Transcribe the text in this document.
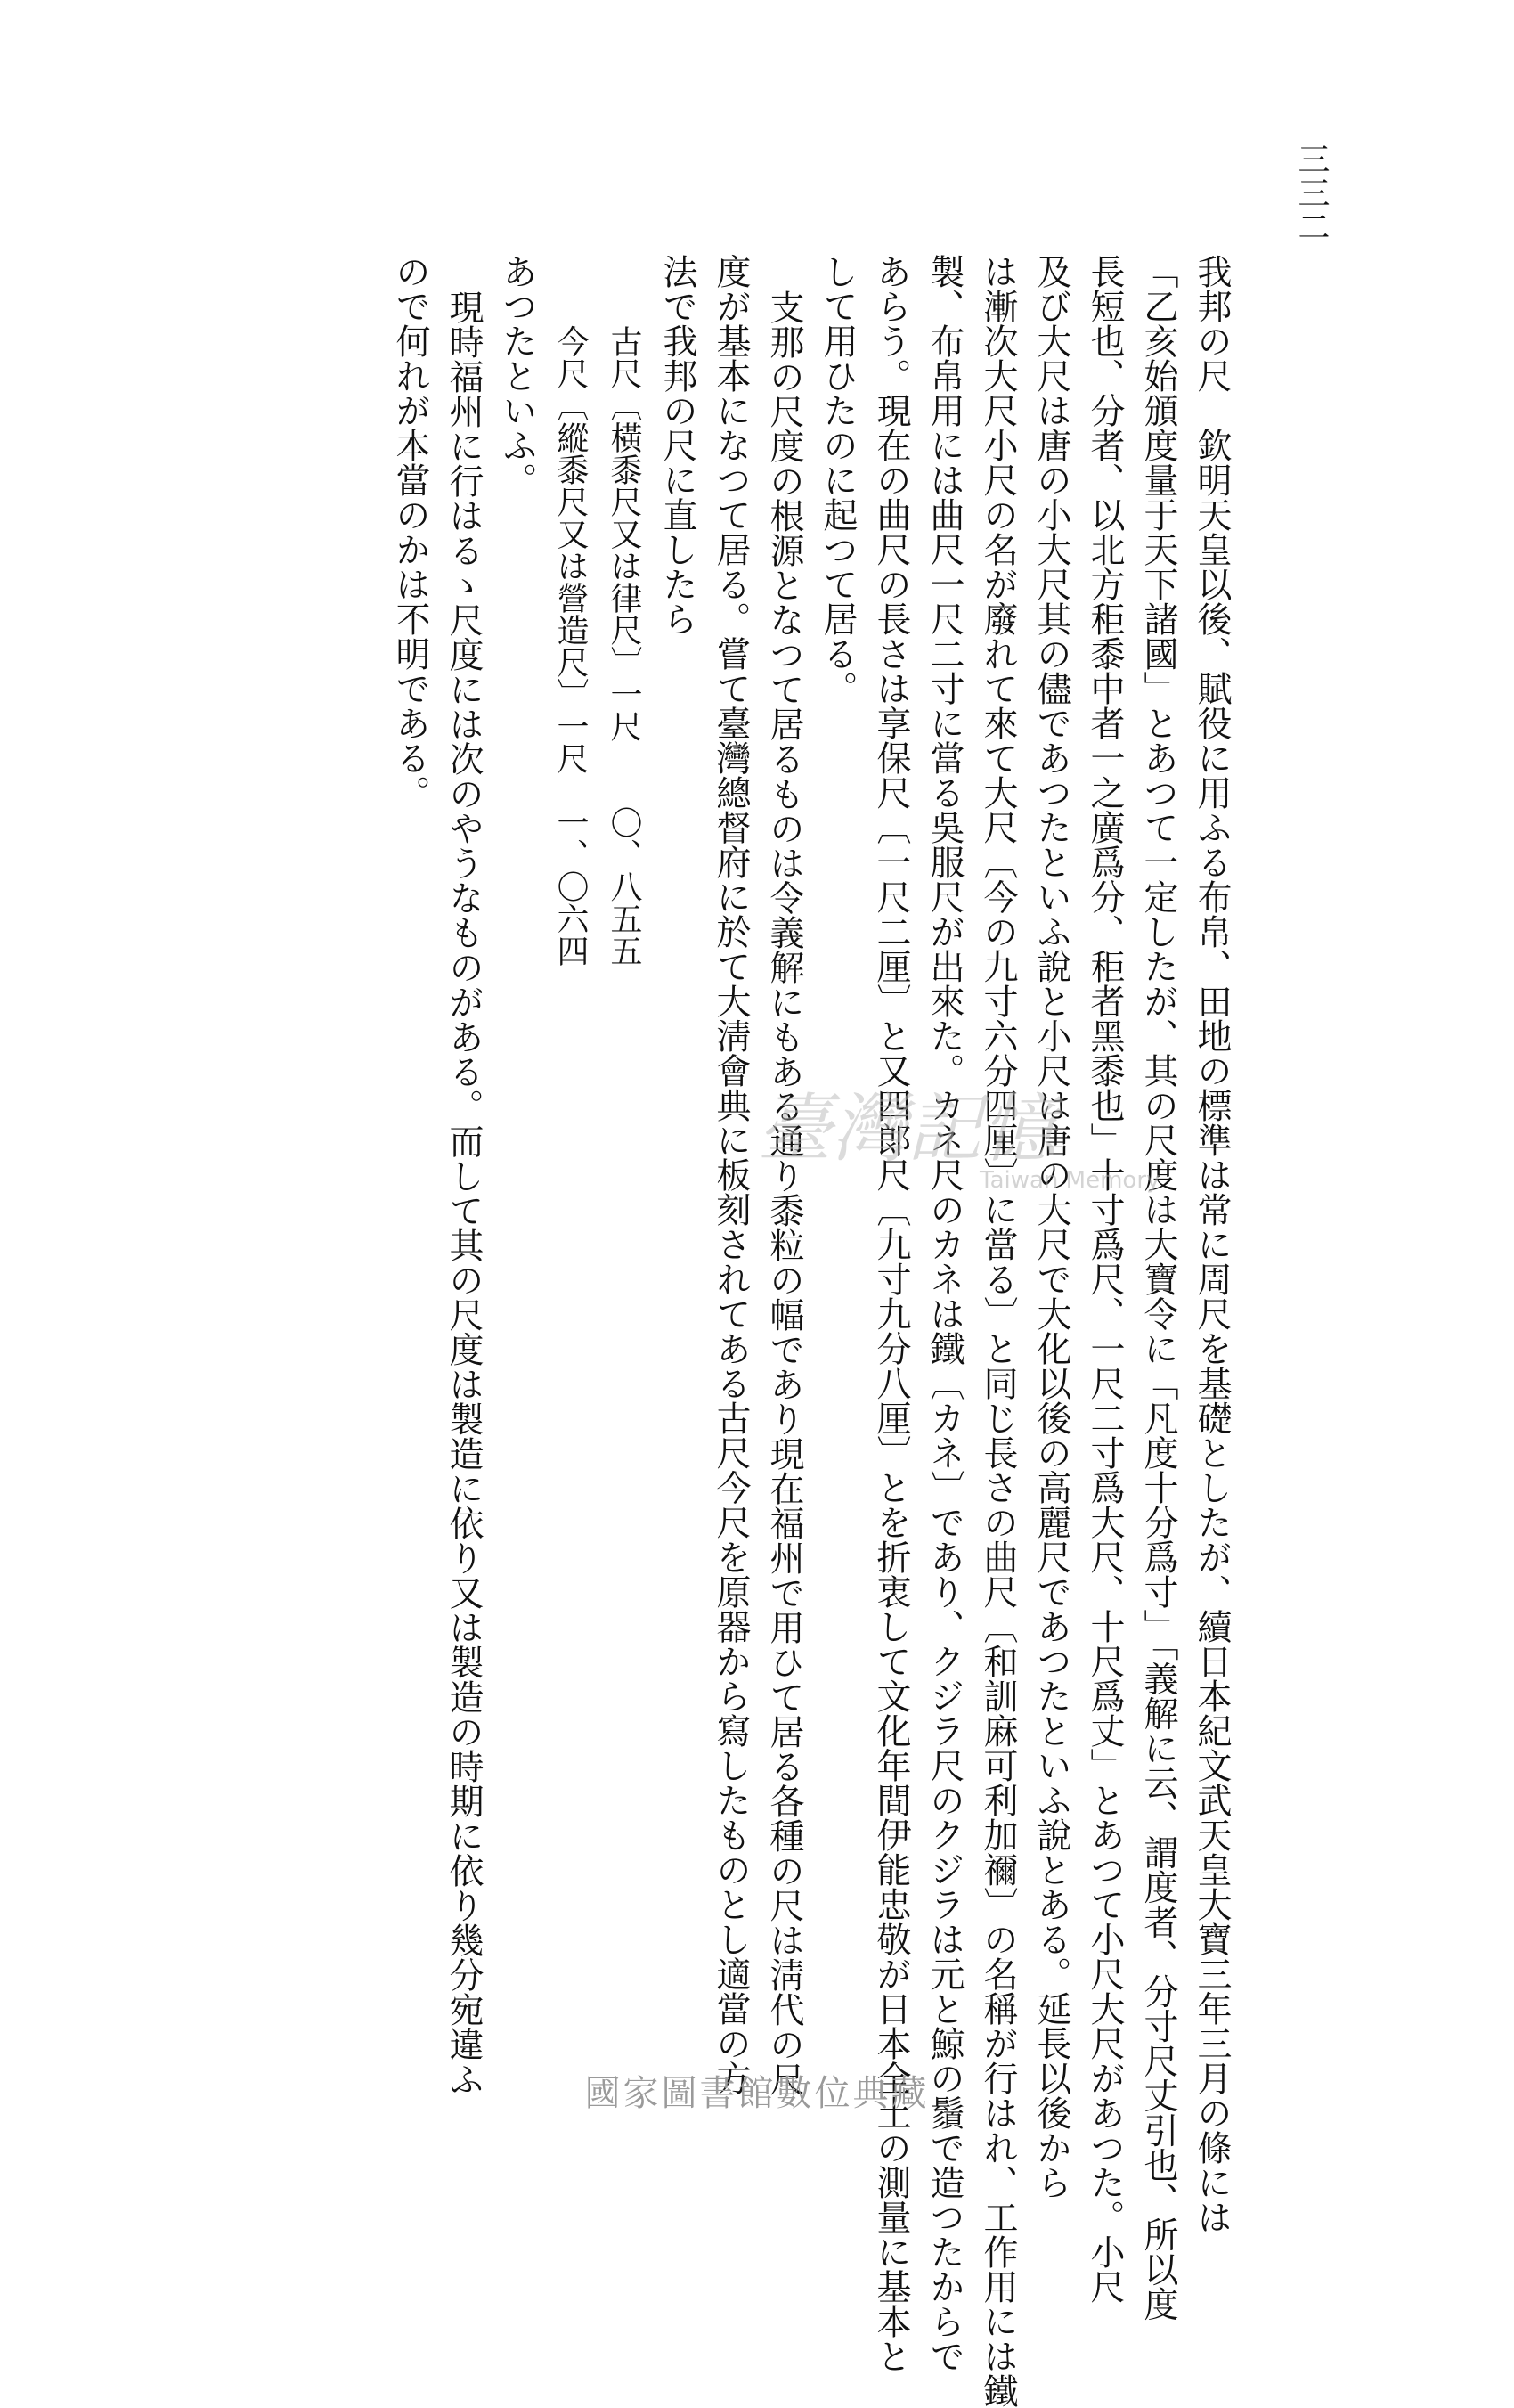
三三二

我邦の尺　欽明天皇以後、賦役に用ふる布帛、田地の標準は常に周尺を基礎としたが、續日本紀文武天皇大寶三年三月の條には

「乙亥始頒度量于天下諸國」とあつて一定したが、其の尺度は大寶令に「凡度十分爲寸」「義解に云、謂度者、分寸尺丈引也、所以度

長短也、分者、以北方秬黍中者一之廣爲分、秬者黑黍也」十寸爲尺、一尺二寸爲大尺、十尺爲丈」とあつて小尺大尺があつた。小尺

及び大尺は唐の小大尺其の儘であつたといふ說と小尺は唐の大尺で大化以後の高麗尺であつたといふ說とある。延長以後から

は漸次大尺小尺の名が廢れて來て大尺〔今の九寸六分四厘〕に當る〕と同じ長さの曲尺〔和訓麻可利加禰〕の名稱が行はれ、工作用には鐵

製、布帛用には曲尺一尺二寸に當る吳服尺が出來た。カネ尺のカネは鐵〔カネ〕であり、クジラ尺のクジラは元と鯨の鬚で造つたからで

あらう。現在の曲尺の長さは享保尺〔一尺二厘〕と又四郞尺〔九寸九分八厘〕とを折衷して文化年間伊能忠敬が日本全土の測量に基本と

して用ひたのに起つて居る。

支那の尺度の根源となつて居るものは令義解にもある通り黍粒の幅であり現在福州で用ひて居る各種の尺は淸代の尺

度が基本になつて居る。嘗て臺灣總督府に於て大淸會典に板刻されてある古尺今尺を原器から寫したものとし適當の方

法で我邦の尺に直したら

古尺〔橫黍尺又は律尺〕一尺　　〇、八五五

今尺〔縱黍尺又は營造尺〕一尺　一、〇六四

あつたといふ。

現時福州に行はるゝ尺度には次のやうなものがある。而して其の尺度は製造に依り又は製造の時期に依り幾分宛違ふ

ので何れが本當のかは不明である。

臺灣記憶
Taiwan Memory
國家圖書館數位典藏
